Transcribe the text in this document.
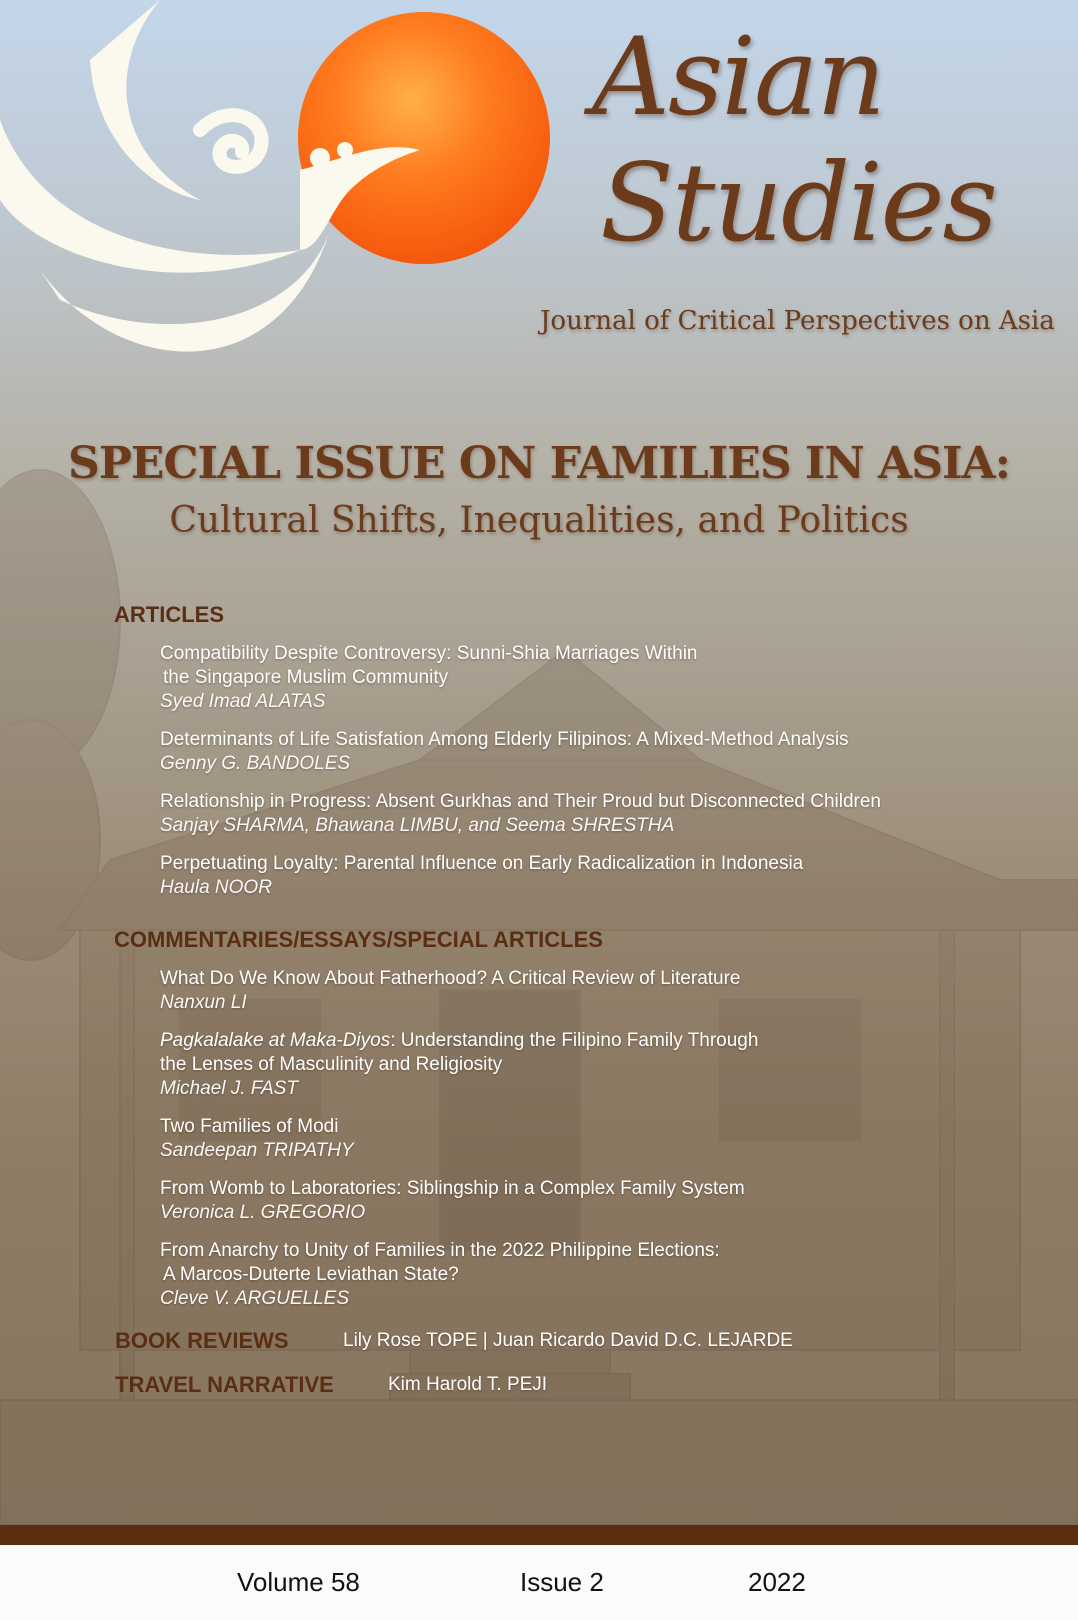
Asian
Studies
Journal of Critical Perspectives on Asia
SPECIAL ISSUE ON FAMILIES IN ASIA:
Cultural Shifts, Inequalities, and Politics
ARTICLES
Compatibility Despite Controversy: Sunni-Shia Marriages Within
the Singapore Muslim Community
Syed Imad ALATAS
Determinants of Life Satisfation Among Elderly Filipinos: A Mixed-Method Analysis
Genny G. BANDOLES
Relationship in Progress: Absent Gurkhas and Their Proud but Disconnected Children
Sanjay SHARMA, Bhawana LIMBU, and Seema SHRESTHA
Perpetuating Loyalty: Parental Influence on Early Radicalization in Indonesia
Haula NOOR
COMMENTARIES/ESSAYS/SPECIAL ARTICLES
What Do We Know About Fatherhood? A Critical Review of Literature
Nanxun LI
Pagkalalake at Maka-Diyos: Understanding the Filipino Family Through
the Lenses of Masculinity and Religiosity
Michael J. FAST
Two Families of Modi
Sandeepan TRIPATHY
From Womb to Laboratories: Siblingship in a Complex Family System
Veronica L. GREGORIO
From Anarchy to Unity of Families in the 2022 Philippine Elections:
A Marcos-Duterte Leviathan State?
Cleve V. ARGUELLES
BOOK REVIEWS	Lily Rose TOPE | Juan Ricardo David D.C. LEJARDE
TRAVEL NARRATIVE	Kim Harold T. PEJI
Volume 58	Issue 2	2022
